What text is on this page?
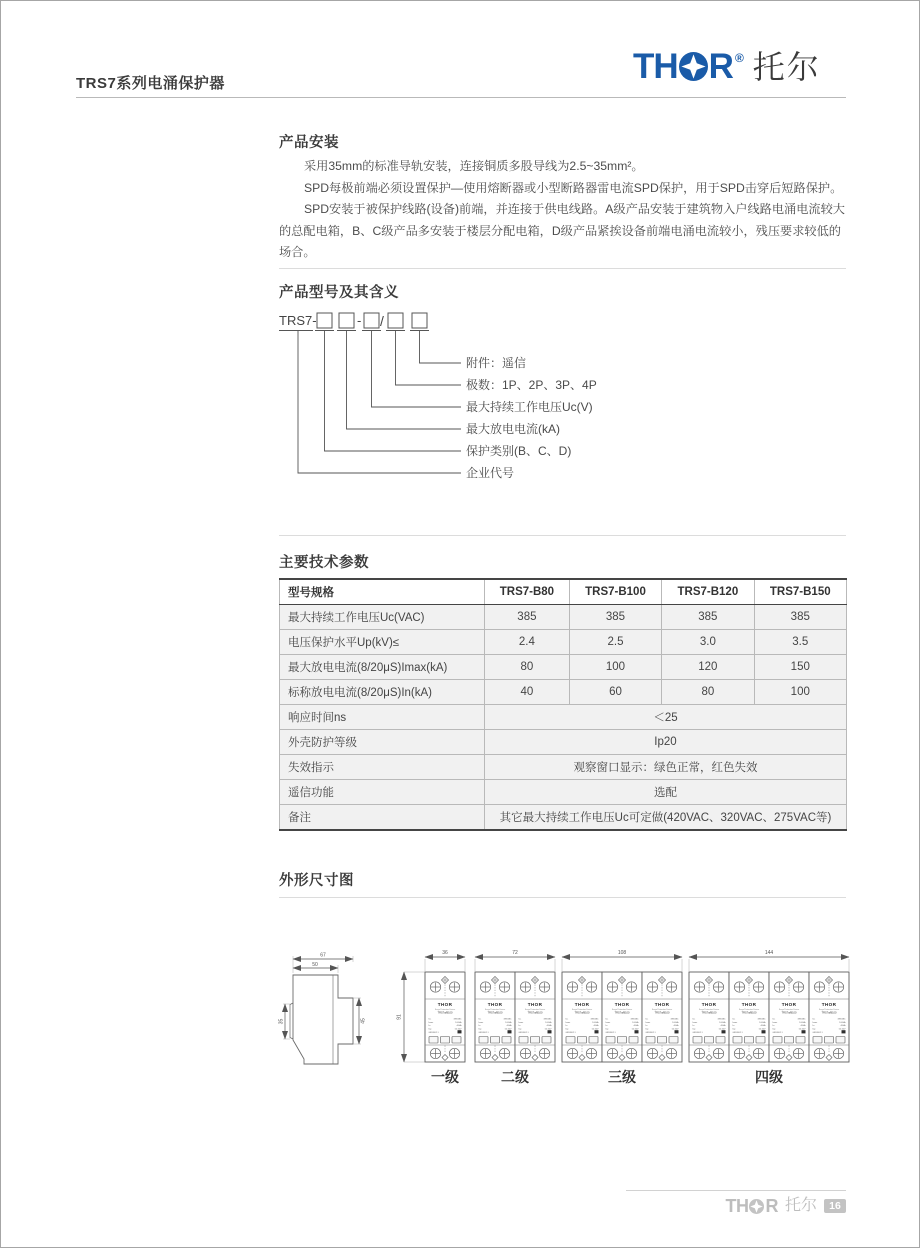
TRS7系列电涌保护器	TH R ® 托尔
产品安装

采用35mm的标准导轨安装，连接铜质多股导线为2.5~35mm²。

SPD每极前端必须设置保护—使用熔断器或小型断路器雷电流SPD保护，用于SPD击穿后短路保护。

SPD安装于被保护线路(设备)前端，并连接于供电线路。A级产品安装于建筑物入户线路电涌电流较大的总配电箱，B、C级产品多安装于楼层分配电箱，D级产品紧挨设备前端电涌电流较小，残压要求较低的场合。

产品型号及其含义
TRS7-	- /
附件：遥信
极数：1P、2P、3P、4P
最大持续工作电压Uc(V)
最大放电电流(kA)
保护类别(B、C、D)
企业代号
主要技术参数
型号规格	TRS7-B80	TRS7-B100	TRS7-B120	TRS7-B150
最大持续工作电压Uc(VAC)	385	385	385	385
电压保护水平Up(kV)≤	2.4	2.5	3.0	3.5
最大放电电流(8/20μS)Imax(kA)	80	100	120	150
标称放电电流(8/20μS)In(kA)	40	60	80	100
响应时间ns	＜25			
外壳防护等级	Ip20			
失效指示	观察窗口显示：绿色正常，红色失效			
遥信功能	选配			
备注	其它最大持续工作电压Uc可定做(420VAC、320VAC、275VAC等)			
外形尺寸图
THOR
Surge Protective Device
TRS7a/B100
Uc	385VAC
Imax	100kA
In	40kA
Up	≤2.5kV
GB18802.1
67
50
35	45
91
36	72	108	144
一级	二级	三级	四级
TH R 托尔	16
